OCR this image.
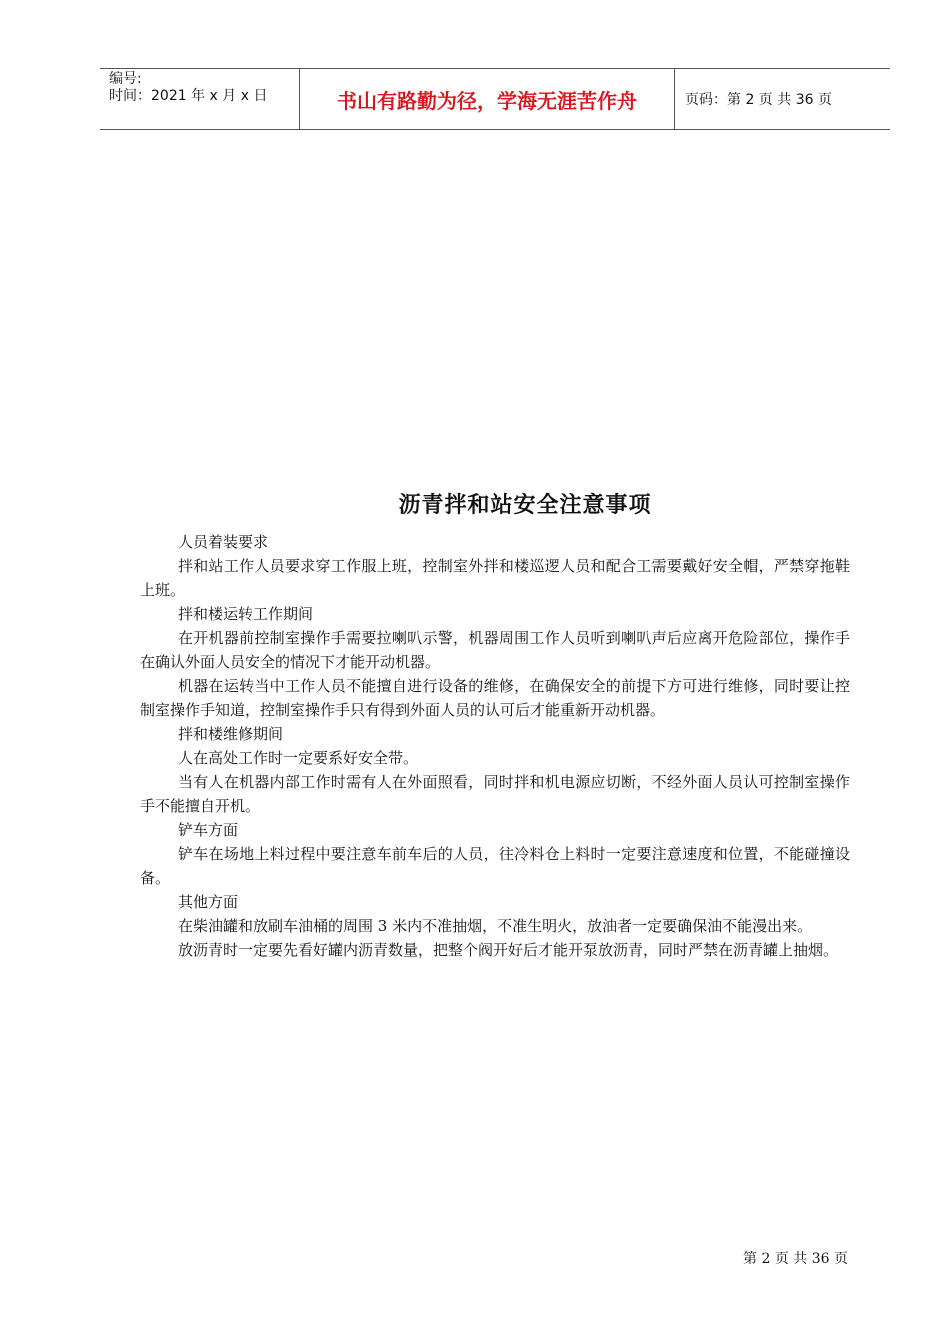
编号:
时间：2021 年 x 月 x 日	书山有路勤为径，学海无涯苦作舟	页码：第 2 页 共 36 页
沥青拌和站安全注意事项

人员着装要求

拌和站工作人员要求穿工作服上班，控制室外拌和楼巡逻人员和配合工需要戴好安全帽，严禁穿拖鞋上班。

拌和楼运转工作期间

在开机器前控制室操作手需要拉喇叭示警，机器周围工作人员听到喇叭声后应离开危险部位，操作手在确认外面人员安全的情况下才能开动机器。

机器在运转当中工作人员不能擅自进行设备的维修，在确保安全的前提下方可进行维修，同时要让控制室操作手知道，控制室操作手只有得到外面人员的认可后才能重新开动机器。

拌和楼维修期间

人在高处工作时一定要系好安全带。

当有人在机器内部工作时需有人在外面照看，同时拌和机电源应切断，不经外面人员认可控制室操作手不能擅自开机。

铲车方面

铲车在场地上料过程中要注意车前车后的人员，往冷料仓上料时一定要注意速度和位置，不能碰撞设备。

其他方面

在柴油罐和放刷车油桶的周围 3 米内不准抽烟，不准生明火，放油者一定要确保油不能漫出来。

放沥青时一定要先看好罐内沥青数量，把整个阀开好后才能开泵放沥青，同时严禁在沥青罐上抽烟。

第 2 页 共 36 页
